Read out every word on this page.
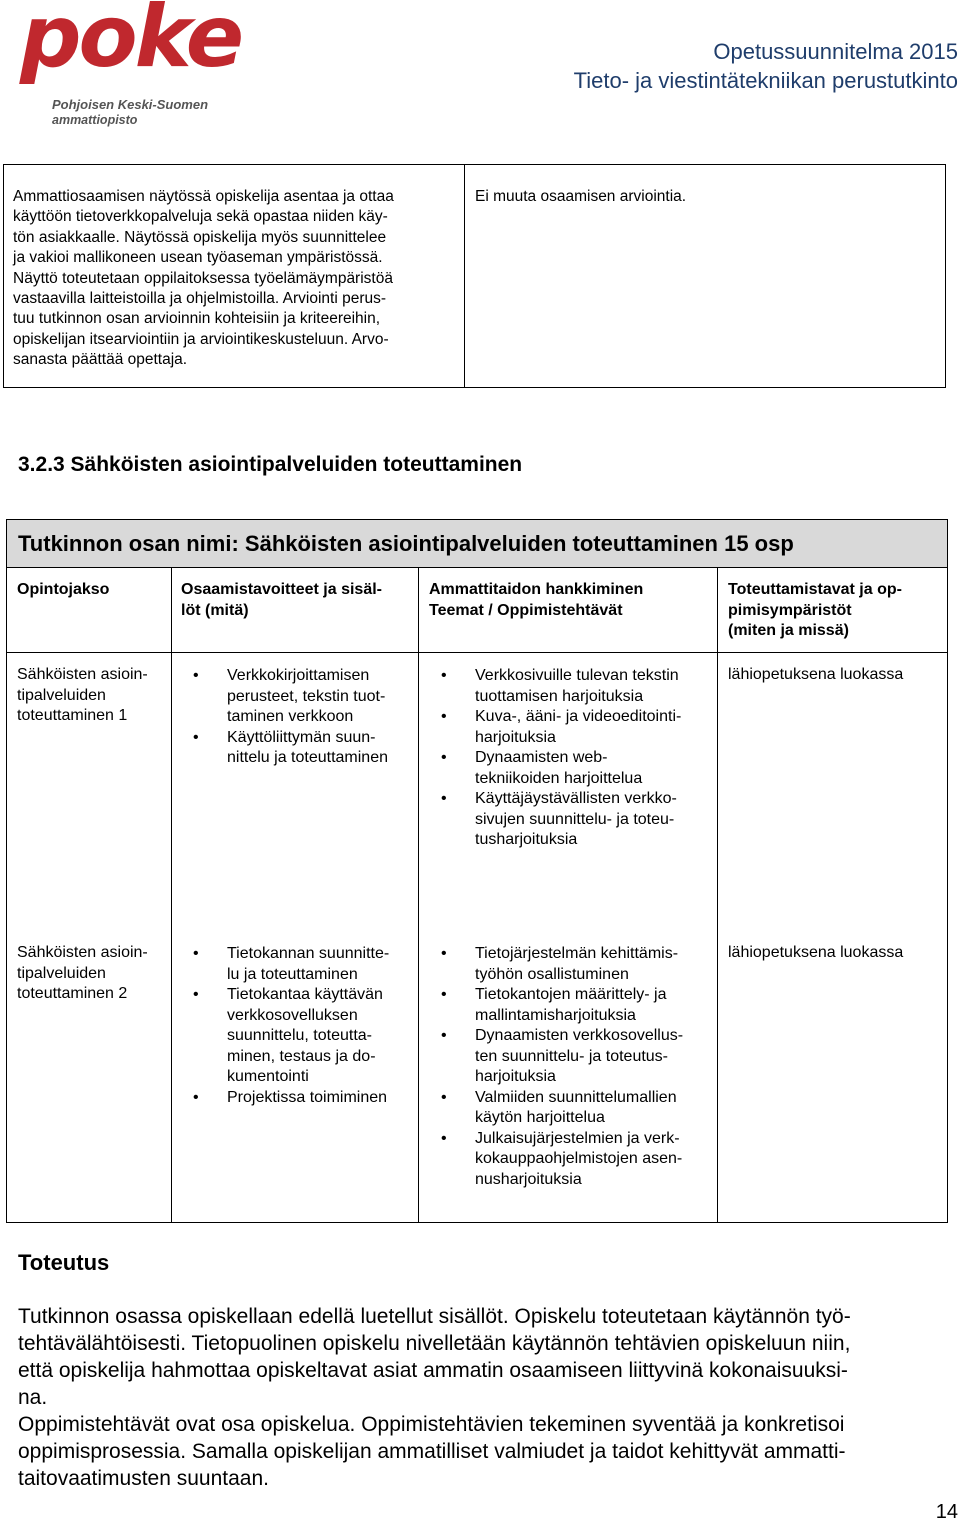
poke
Pohjoisen Keski-Suomen
ammattiopisto
Opetussuunnitelma 2015
Tieto- ja viestintätekniikan perustutkinto
Ammattiosaamisen näytössä opiskelija asentaa ja ottaa
käyttöön tietoverkkopalveluja sekä opastaa niiden käy-
tön asiakkaalle. Näytössä opiskelija myös suunnittelee
ja vakioi mallikoneen usean työaseman ympäristössä.
Näyttö toteutetaan oppilaitoksessa työelämäympäristöä
vastaavilla laitteistoilla ja ohjelmistoilla. Arviointi perus-
tuu tutkinnon osan arvioinnin kohteisiin ja kriteereihin,
opiskelijan itsearviointiin ja arviointikeskusteluun. Arvo-
sanasta päättää opettaja.
Ei muuta osaamisen arviointia.
3.2.3 Sähköisten asiointipalveluiden toteuttaminen
Tutkinnon osan nimi: Sähköisten asiointipalveluiden toteuttaminen 15 osp
Opintojakso	Osaamistavoitteet ja sisäl-
löt (mitä)
Ammattitaidon hankkiminen
Teemat / Oppimistehtävät
Toteuttamistavat ja op-
pimisympäristöt
(miten ja missä)
Sähköisten asioin-
tipalveluiden
toteuttaminen 1
• Verkkokirjoittamisen
perusteet, tekstin tuot-
taminen verkkoon
• Käyttöliittymän suun-
nittelu ja toteuttaminen
• Verkkosivuille tulevan tekstin
tuottamisen harjoituksia
• Kuva-, ääni- ja videoeditointi-
harjoituksia
• Dynaamisten web-
tekniikoiden harjoittelua
• Käyttäjäystävällisten verkko-
sivujen suunnittelu- ja toteu-
tusharjoituksia
lähiopetuksena luokassa
Sähköisten asioin-
tipalveluiden
toteuttaminen 2
• Tietokannan suunnitte-
lu ja toteuttaminen
• Tietokantaa käyttävän
verkkosovelluksen
suunnittelu, toteutta-
minen, testaus ja do-
kumentointi
• Projektissa toimiminen
• Tietojärjestelmän kehittämis-
työhön osallistuminen
• Tietokantojen määrittely- ja
mallintamisharjoituksia
• Dynaamisten verkkosovellus-
ten suunnittelu- ja toteutus-
harjoituksia
• Valmiiden suunnittelumallien
käytön harjoittelua
• Julkaisujärjestelmien ja verk-
kokauppaohjelmistojen asen-
nusharjoituksia
lähiopetuksena luokassa
Toteutus
Tutkinnon osassa opiskellaan edellä luetellut sisällöt. Opiskelu toteutetaan käytännön työ-
tehtävälähtöisesti. Tietopuolinen opiskelu nivelletään käytännön tehtävien opiskeluun niin,
että opiskelija hahmottaa opiskeltavat asiat ammatin osaamiseen liittyvinä kokonaisuuksi-
na.
Oppimistehtävät ovat osa opiskelua. Oppimistehtävien tekeminen syventää ja konkretisoi
oppimisprosessia. Samalla opiskelijan ammatilliset valmiudet ja taidot kehittyvät ammatti-
taitovaatimusten suuntaan.
14
